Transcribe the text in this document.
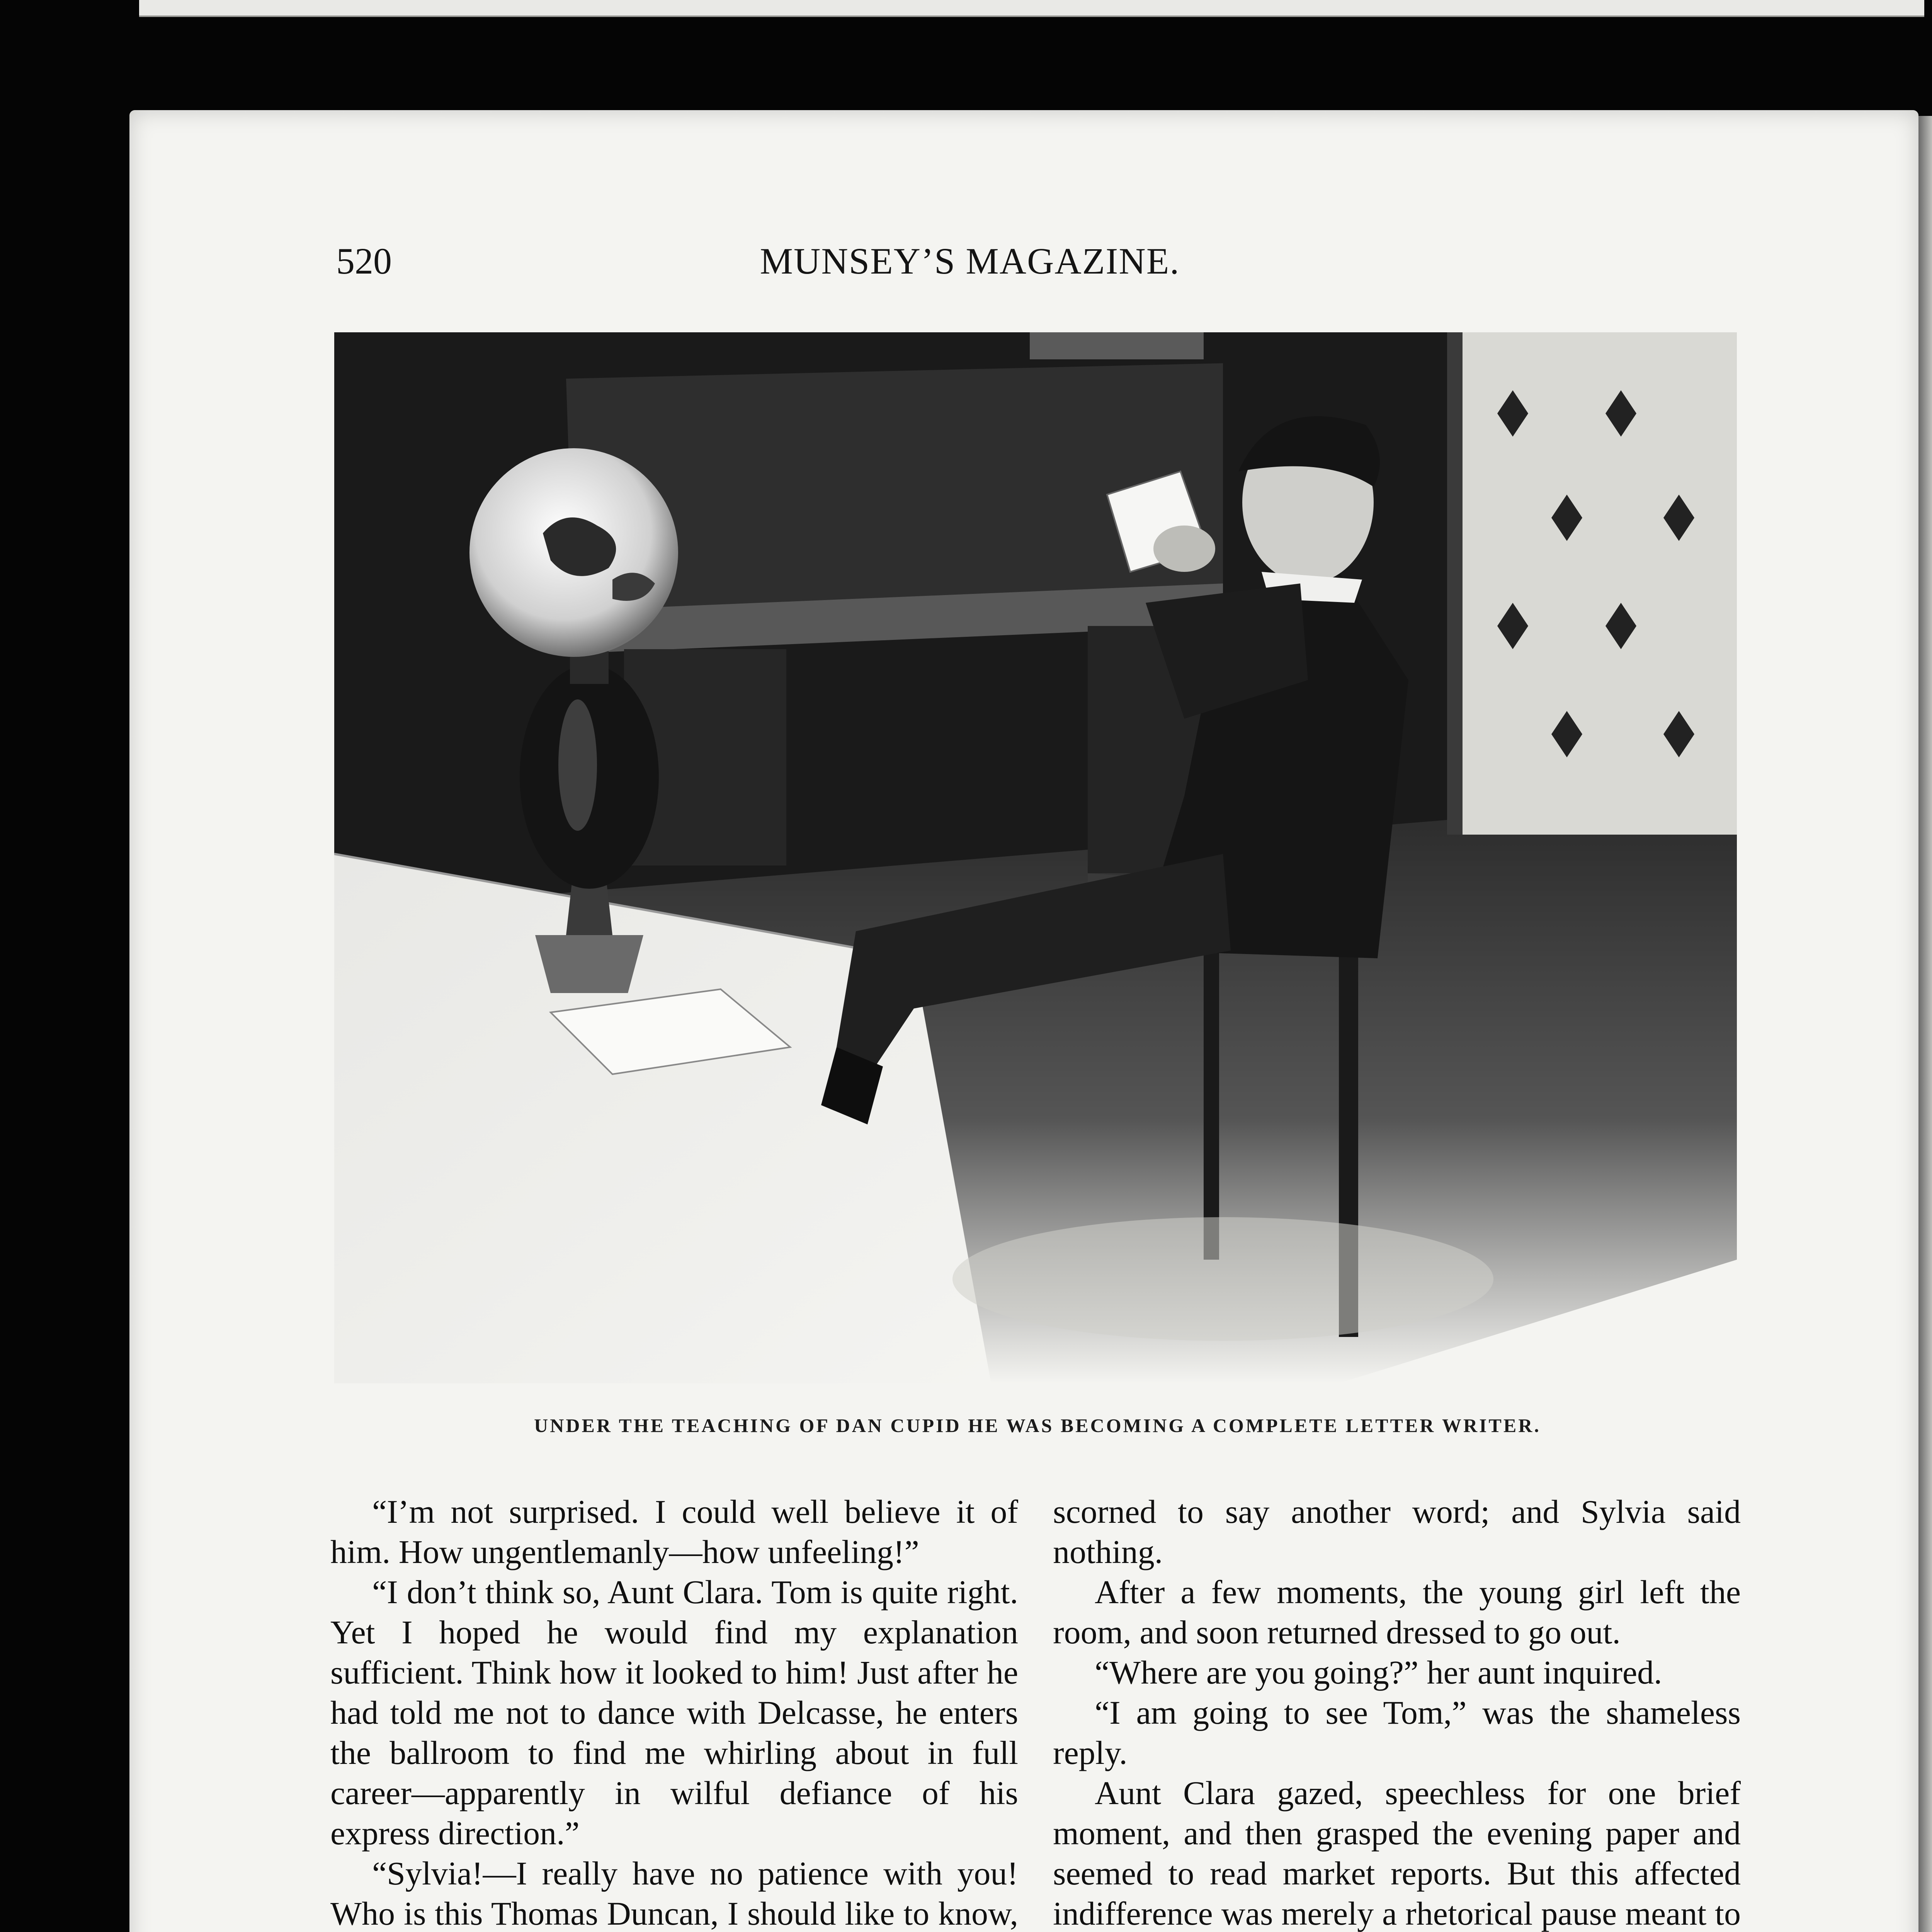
520	MUNSEY’S MAGAZINE.
UNDER THE TEACHING OF DAN CUPID HE WAS BECOMING A COMPLETE LETTER WRITER.

“I’m not surprised. I could well believe it of him. How ungentlemanly—how unfeeling!”

“I don’t think so, Aunt Clara. Tom is quite right. Yet I hoped he would find my explanation sufficient. Think how it looked to him! Just after he had told me not to dance with Delcasse, he enters the ballroom to find me whirling about in full career—apparently in wilful defiance of his express direction.”

“Sylvia!—I really have no patience with you! Who is this Thomas Duncan, I should like to know,

scorned to say another word; and Sylvia said nothing.

After a few moments, the young girl left the room, and soon returned dressed to go out.

“Where are you going?” her aunt inquired.

“I am going to see Tom,” was the shameless reply.

Aunt Clara gazed, speechless for one brief moment, and then grasped the evening paper and seemed to read market reports. But this affected indifference was merely a rhetorical pause meant to
